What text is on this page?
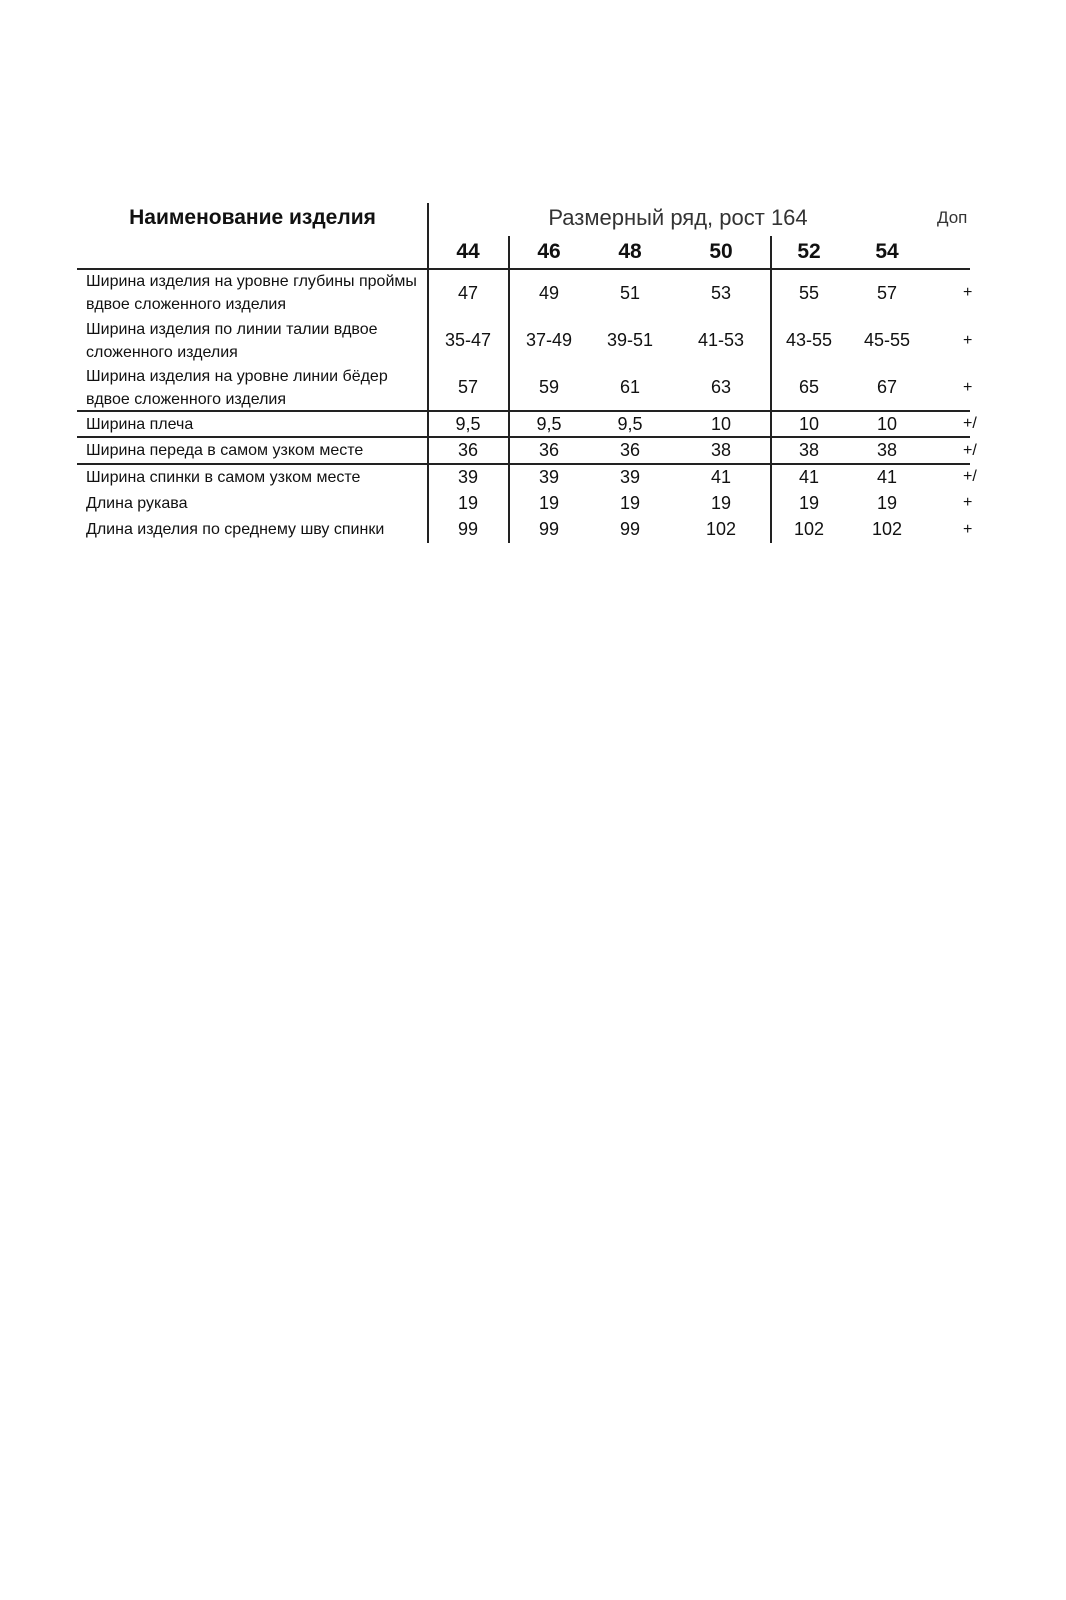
Наименование изделия	Размерный ряд, рост 164	Доп
44	46	48	50	52	54
Ширина изделия на уровне глубины проймы вдвое сложенного изделия
47	49	51	53	55	57	+
Ширина изделия по линии талии вдвое сложенного изделия
35-47	37-49	39-51	41-53	43-55	45-55	+
Ширина изделия на уровне линии бёдер вдвое сложенного изделия
57	59	61	63	65	67	+
Ширина плеча	9,5	9,5	9,5	10	10	10	+/
Ширина переда в самом узком месте	36	36	36	38	38	38	+/
Ширина спинки в самом узком месте	39	39	39	41	41	41	+/
Длина рукава	19	19	19	19	19	19	+
Длина изделия по среднему шву спинки	99	99	99	102	102	102	+
